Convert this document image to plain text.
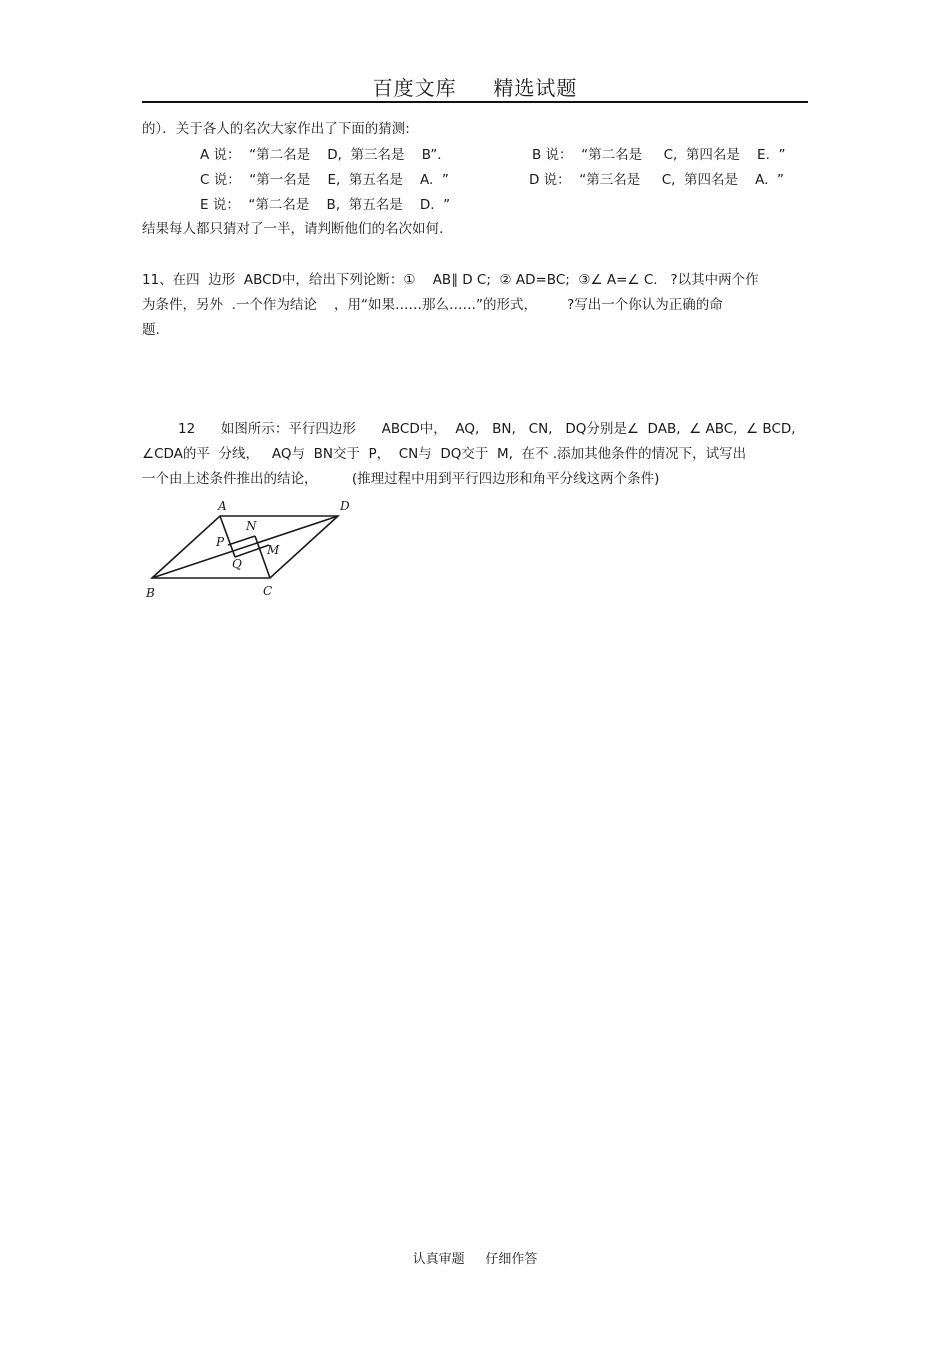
百度文库     精选试题
的）．关于各人的名次大家作出了下面的猜测:
A 说：  “第二名是    D,  第三名是    B”．	B 说：  “第二名是     C,  第四名是    E.  ”
C 说：  “第一名是    E,  第五名是    A.  ”	D 说：  “第三名是     C,  第四名是    A.  ”
E 说：  “第二名是    B,  第五名是    D.  ”
结果每人都只猜对了一半，请判断他们的名次如何.
11、在四  边形  ABCD中，给出下列论断：①    AB∥ D C;  ② AD=BC;  ③∠ A=∠ C.   ?以其中两个作
为条件，另外  .一个作为结论    ，用“如果……那么……”的形式，       ?写出一个你认为正确的命
题.
12      如图所示：平行四边形      ABCD中，  AQ,   BN,   CN,   DQ分别是∠  DAB,  ∠ ABC,  ∠ BCD,
∠CDA的平  分线，   AQ与  BN交于  P，  CN与  DQ交于  M,  在不 .添加其他条件的情况下，试写出
一个由上述条件推出的结论，        (推理过程中用到平行四边形和角平分线这两个条件)
A	D
B	C
N
P
Q
M
认真审题     仔细作答
